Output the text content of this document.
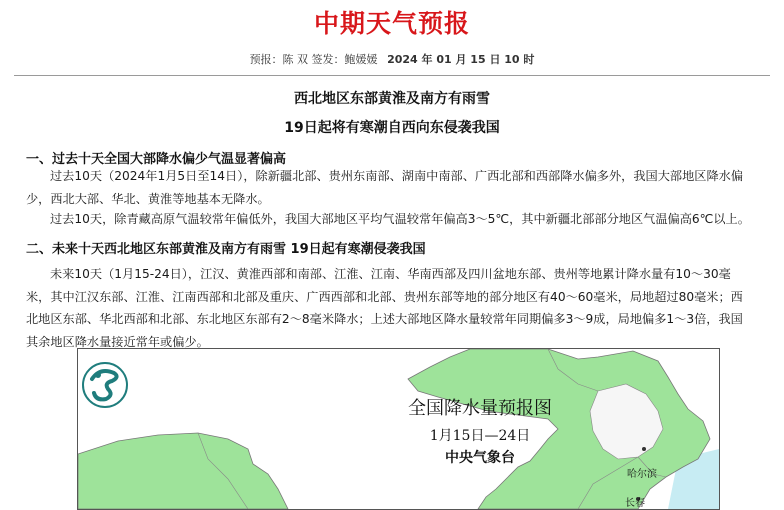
中期天气预报
预报：陈 双 签发：鲍媛媛 2024 年 01 月 15 日 10 时
西北地区东部黄淮及南方有雨雪
19日起将有寒潮自西向东侵袭我国
一、过去十天全国大部降水偏少气温显著偏高
过去10天（2024年1月5日至14日），除新疆北部、贵州东南部、湖南中南部、广西北部和西部降水偏多外，我国大部地区降水偏
少，西北大部、华北、黄淮等地基本无降水。
过去10天，除青藏高原气温较常年偏低外，我国大部地区平均气温较常年偏高3～5℃，其中新疆北部部分地区气温偏高6℃以上。
二、未来十天西北地区东部黄淮及南方有雨雪 19日起有寒潮侵袭我国
未来10天（1月15-24日），江汉、黄淮西部和南部、江淮、江南、华南西部及四川盆地东部、贵州等地累计降水量有10～30毫
米，其中江汉东部、江淮、江南西部和北部及重庆、广西西部和北部、贵州东部等地的部分地区有40～60毫米，局地超过80毫米；西
北地区东部、华北西部和北部、东北地区东部有2～8毫米降水；上述大部地区降水量较常年同期偏多3～9成，局地偏多1～3倍，我国
其余地区降水量接近常年或偏少。
全国降水量预报图
1月15日—24日
中央气象台
哈尔滨
长春
